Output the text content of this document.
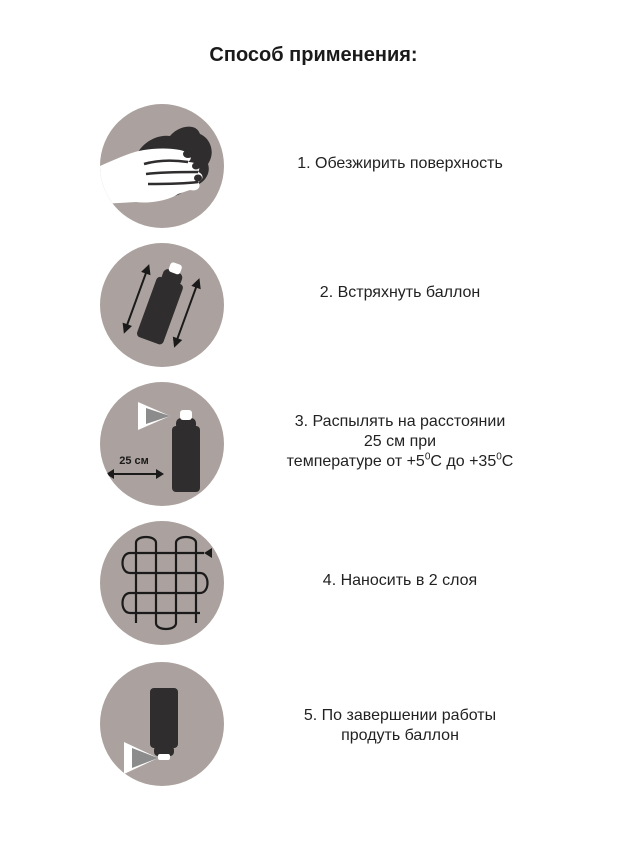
Способ применения:
1. Обезжирить поверхность
2. Встряхнуть баллон
25 см
3. Распылять на расстоянии
25 см при
температуре от $+5^0C$ до $+35^0C$
4. Наносить в 2 слоя
5. По завершении работы
продуть баллон
